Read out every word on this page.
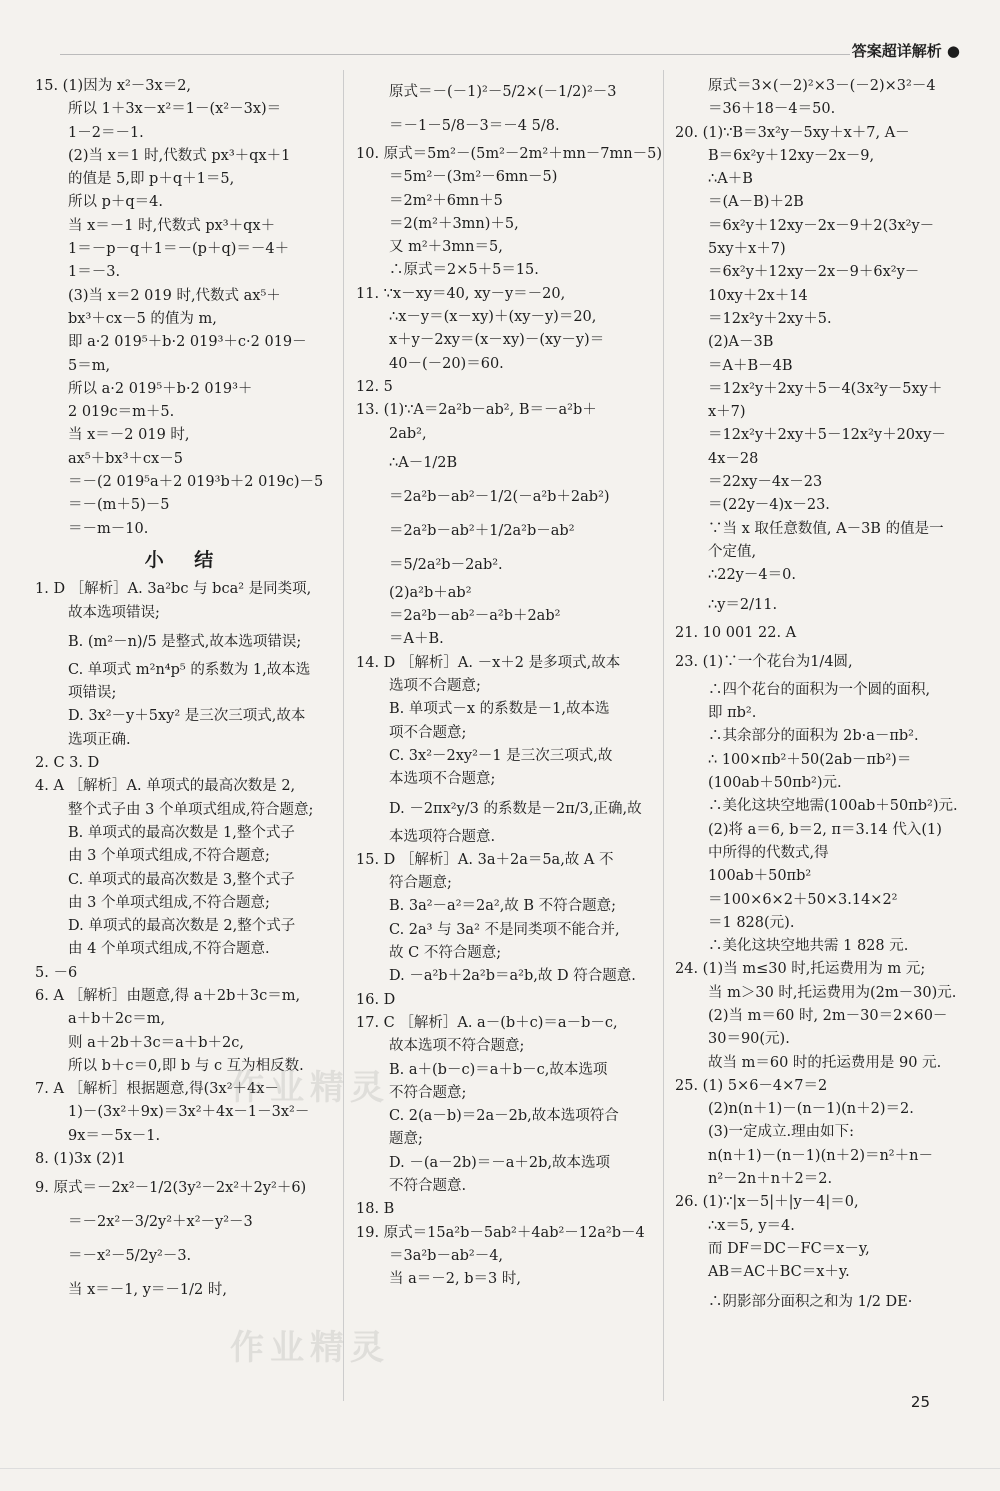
答案超详解析 ●
15. (1)因为 x²－3x＝2,
所以 1＋3x－x²＝1－(x²－3x)＝
1－2＝－1.
(2)当 x＝1 时,代数式 px³＋qx＋1
的值是 5,即 p＋q＋1＝5,
所以 p＋q＝4.
当 x＝－1 时,代数式 px³＋qx＋
1＝－p－q＋1＝－(p＋q)＝－4＋
1＝－3.
(3)当 x＝2 019 时,代数式 ax⁵＋
bx³＋cx－5 的值为 m,
即 a·2 019⁵＋b·2 019³＋c·2 019－
5＝m,
所以 a·2 019⁵＋b·2 019³＋
2 019c＝m＋5.
当 x＝－2 019 时,
ax⁵＋bx³＋cx－5
＝－(2 019⁵a＋2 019³b＋2 019c)－5
＝－(m＋5)－5
＝－m－10.
小 结
1. D ［解析］A. 3a²bc 与 bca² 是同类项,
故本选项错误;
B. (m²－n)/5 是整式,故本选项错误;
C. 单项式 m²n⁴p⁵ 的系数为 1,故本选
项错误;
D. 3x²－y＋5xy² 是三次三项式,故本
选项正确.
2. C 3. D
4. A ［解析］A. 单项式的最高次数是 2,
整个式子由 3 个单项式组成,符合题意;
B. 单项式的最高次数是 1,整个式子
由 3 个单项式组成,不符合题意;
C. 单项式的最高次数是 3,整个式子
由 3 个单项式组成,不符合题意;
D. 单项式的最高次数是 2,整个式子
由 4 个单项式组成,不符合题意.
5. －6
6. A ［解析］由题意,得 a＋2b＋3c＝m,
a＋b＋2c＝m,
则 a＋2b＋3c＝a＋b＋2c,
所以 b＋c＝0,即 b 与 c 互为相反数.
7. A ［解析］根据题意,得(3x²＋4x－
1)－(3x²＋9x)＝3x²＋4x－1－3x²－
9x＝－5x－1.
8. (1)3x (2)1
9. 原式＝－2x²－1/2(3y²－2x²＋2y²＋6)
＝－2x²－3/2y²＋x²－y²－3
＝－x²－5/2y²－3.
当 x＝－1, y＝－1/2 时,
原式＝－(－1)²－5/2×(－1/2)²－3
＝－1－5/8－3＝－4 5/8.
10. 原式＝5m²－(5m²－2m²＋mn－7mn－5)
＝5m²－(3m²－6mn－5)
＝2m²＋6mn＋5
＝2(m²＋3mn)＋5,
又 m²＋3mn＝5,
∴原式＝2×5＋5＝15.
11. ∵x－xy＝40, xy－y＝－20,
∴x－y＝(x－xy)＋(xy－y)＝20,
x＋y－2xy＝(x－xy)－(xy－y)＝
40－(－20)＝60.
12. 5
13. (1)∵A＝2a²b－ab², B＝－a²b＋
2ab²,
∴A－1/2B
＝2a²b－ab²－1/2(－a²b＋2ab²)
＝2a²b－ab²＋1/2a²b－ab²
＝5/2a²b－2ab².
(2)a²b＋ab²
＝2a²b－ab²－a²b＋2ab²
＝A＋B.
14. D ［解析］A. －x＋2 是多项式,故本
选项不合题意;
B. 单项式－x 的系数是－1,故本选
项不合题意;
C. 3x²－2xy²－1 是三次三项式,故
本选项不合题意;
D. －2πx²y/3 的系数是－2π/3,正确,故
本选项符合题意.
15. D ［解析］A. 3a＋2a＝5a,故 A 不
符合题意;
B. 3a²－a²＝2a²,故 B 不符合题意;
C. 2a³ 与 3a² 不是同类项不能合并,
故 C 不符合题意;
D. －a²b＋2a²b＝a²b,故 D 符合题意.
16. D
17. C ［解析］A. a－(b＋c)＝a－b－c,
故本选项不符合题意;
B. a＋(b－c)＝a＋b－c,故本选项
不符合题意;
C. 2(a－b)＝2a－2b,故本选项符合
题意;
D. －(a－2b)＝－a＋2b,故本选项
不符合题意.
18. B
19. 原式＝15a²b－5ab²＋4ab²－12a²b－4
＝3a²b－ab²－4,
当 a＝－2, b＝3 时,
原式＝3×(－2)²×3－(－2)×3²－4
＝36＋18－4＝50.
20. (1)∵B＝3x²y－5xy＋x＋7, A－
B＝6x²y＋12xy－2x－9,
∴A＋B
＝(A－B)＋2B
＝6x²y＋12xy－2x－9＋2(3x²y－
5xy＋x＋7)
＝6x²y＋12xy－2x－9＋6x²y－
10xy＋2x＋14
＝12x²y＋2xy＋5.
(2)A－3B
＝A＋B－4B
＝12x²y＋2xy＋5－4(3x²y－5xy＋
x＋7)
＝12x²y＋2xy＋5－12x²y＋20xy－
4x－28
＝22xy－4x－23
＝(22y－4)x－23.
∵当 x 取任意数值, A－3B 的值是一
个定值,
∴22y－4＝0.
∴y＝2/11.
21. 10 001 22. A
23. (1)∵一个花台为1/4圆,
∴四个花台的面积为一个圆的面积,
即 πb².
∴其余部分的面积为 2b·a－πb².
∴ 100×πb²＋50(2ab－πb²)＝
(100ab＋50πb²)元.
∴美化这块空地需(100ab＋50πb²)元.
(2)将 a＝6, b＝2, π＝3.14 代入(1)
中所得的代数式,得
100ab＋50πb²
＝100×6×2＋50×3.14×2²
＝1 828(元).
∴美化这块空地共需 1 828 元.
24. (1)当 m≤30 时,托运费用为 m 元;
当 m＞30 时,托运费用为(2m－30)元.
(2)当 m＝60 时, 2m－30＝2×60－
30＝90(元).
故当 m＝60 时的托运费用是 90 元.
25. (1) 5×6－4×7＝2
(2)n(n＋1)－(n－1)(n＋2)＝2.
(3)一定成立.理由如下:
n(n＋1)－(n－1)(n＋2)＝n²＋n－
n²－2n＋n＋2＝2.
26. (1)∵|x－5|＋|y－4|＝0,
∴x＝5, y＝4.
而 DF＝DC－FC＝x－y,
AB＝AC＋BC＝x＋y.
∴阴影部分面积之和为 1/2 DE·
作业精灵
作业精灵
25
